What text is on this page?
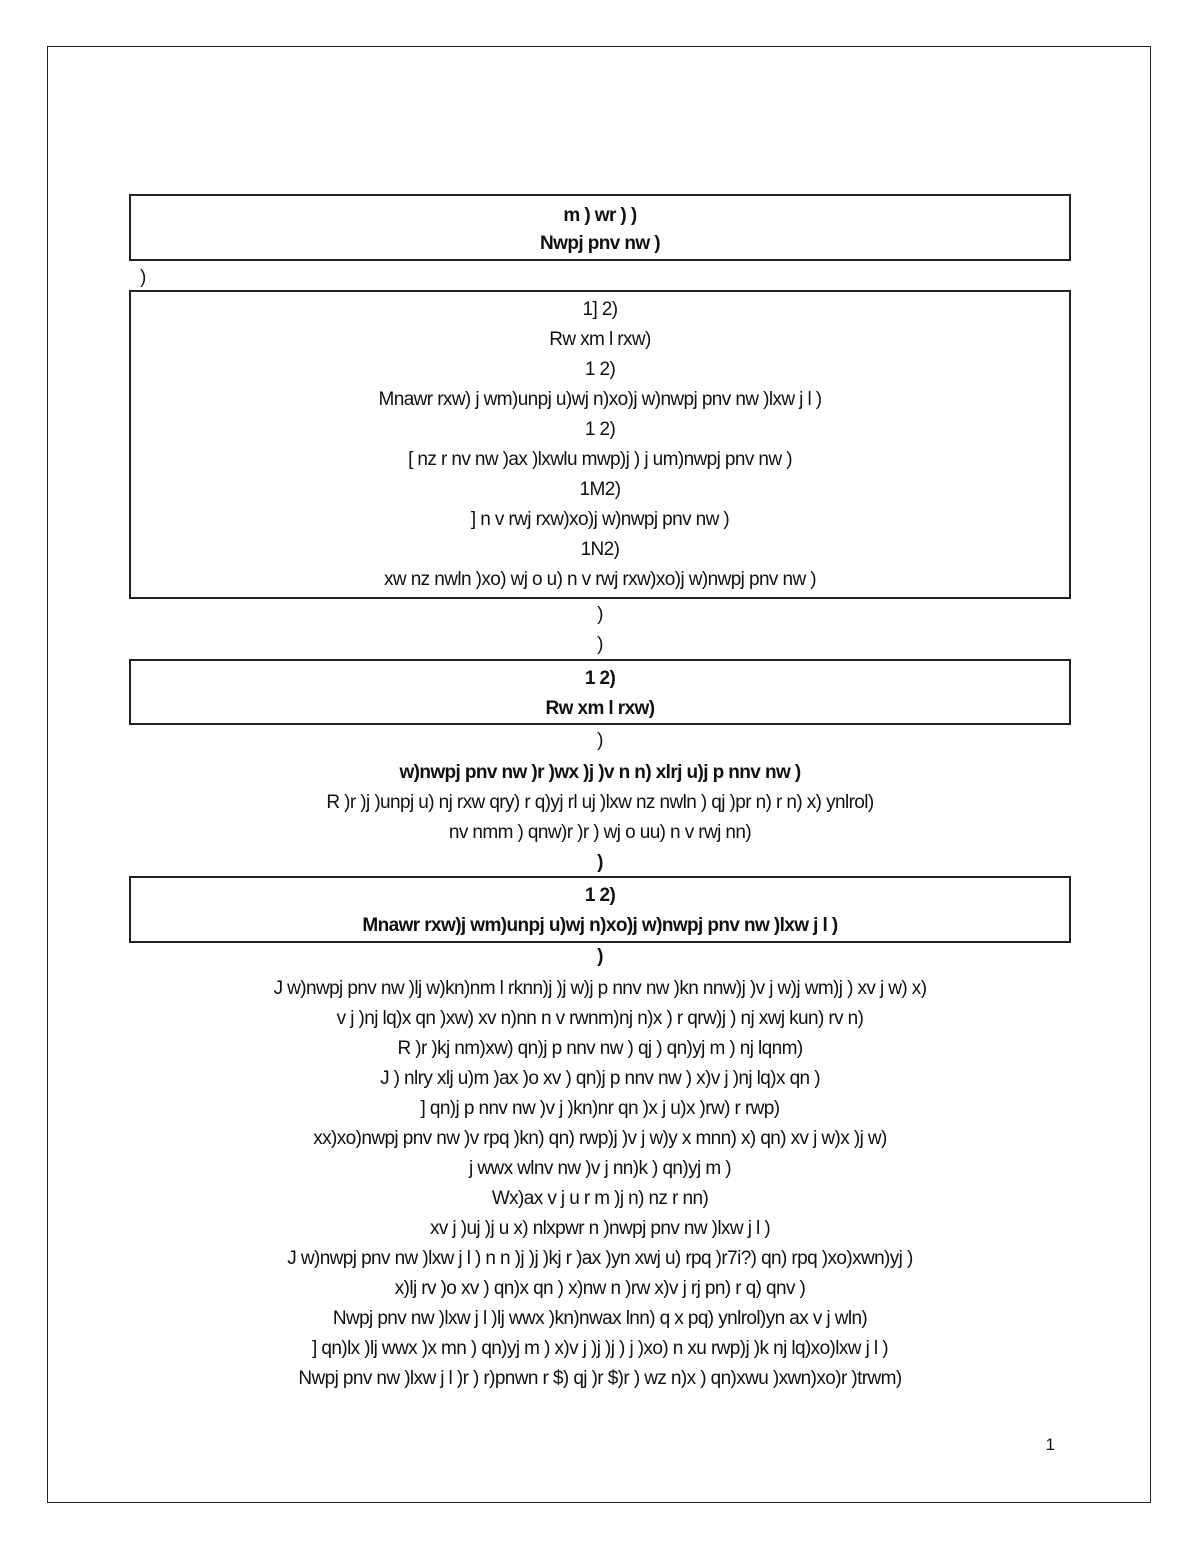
m ) wr ) )
Nwpj pnv nw )
)
1] 2)
Rw xm l rxw)
1 2)
Mnawr rxw) j wm)unpj u)wj n)xo)j w)nwpj pnv nw )lxw j l )
1 2)
[ nz r nv nw )ax )lxwlu mwp)j ) j um)nwpj pnv nw )
1M2)
] n v rwj rxw)xo)j w)nwpj pnv nw )
1N2)
xw nz nwln )xo) wj o u) n v rwj rxw)xo)j w)nwpj pnv nw )
)
)
1 2)
Rw xm l rxw)
)
w)nwpj pnv nw )r )wx )j )v n n) xlrj u)j p nnv nw )
R )r )j )unpj u) nj rxw qry) r q)yj rl uj )lxw nz nwln ) qj )pr n) r n) x) ynlrol)
nv nmm ) qnw)r )r ) wj o uu) n v rwj nn)
)
1 2)
Mnawr rxw)j wm)unpj u)wj n)xo)j w)nwpj pnv nw )lxw j l )
)
J w)nwpj pnv nw )lj w)kn)nm l rknn)j )j w)j p nnv nw )kn nnw)j )v j w)j wm)j ) xv j w) x)
v j )nj lq)x qn )xw) xv n)nn n v rwnm)nj n)x ) r qrw)j ) nj xwj kun) rv n)
R )r )kj nm)xw) qn)j p nnv nw ) qj ) qn)yj m ) nj lqnm)
J ) nlry xlj u)m )ax )o xv ) qn)j p nnv nw ) x)v j )nj lq)x qn )
] qn)j p nnv nw )v j )kn)nr qn )x j u)x )rw) r rwp)
xx)xo)nwpj pnv nw )v rpq )kn) qn) rwp)j )v j w)y x mnn) x) qn) xv j w)x )j w)
j wwx wlnv nw )v j nn)k ) qn)yj m )
Wx)ax v j u r m )j n) nz r nn)
xv j )uj )j u x) nlxpwr n )nwpj pnv nw )lxw j l )
J w)nwpj pnv nw )lxw j l ) n n )j )j )kj r )ax )yn xwj u) rpq )r7i?) qn) rpq )xo)xwn)yj )
x)lj rv )o xv ) qn)x qn ) x)nw n )rw x)v j rj pn) r q) qnv )
Nwpj pnv nw )lxw j l )lj wwx )kn)nwax lnn) q x pq) ynlrol)yn ax v j wln)
] qn)lx )lj wwx )x mn ) qn)yj m ) x)v j )j )j ) j )xo) n xu rwp)j )k nj lq)xo)lxw j l )
Nwpj pnv nw )lxw j l )r ) r)pnwn r $) qj )r $)r ) wz n)x ) qn)xwu )xwn)xo)r )trwm)
1
